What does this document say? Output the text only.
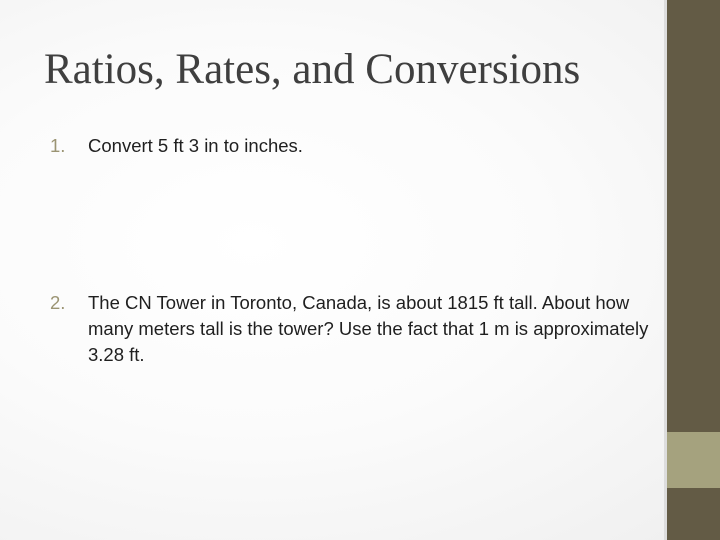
Ratios, Rates, and Conversions
1. Convert 5 ft 3 in to inches.
2. The CN Tower in Toronto, Canada, is about 1815 ft tall. About how many meters tall is the tower? Use the fact that 1 m is approximately 3.28 ft.
